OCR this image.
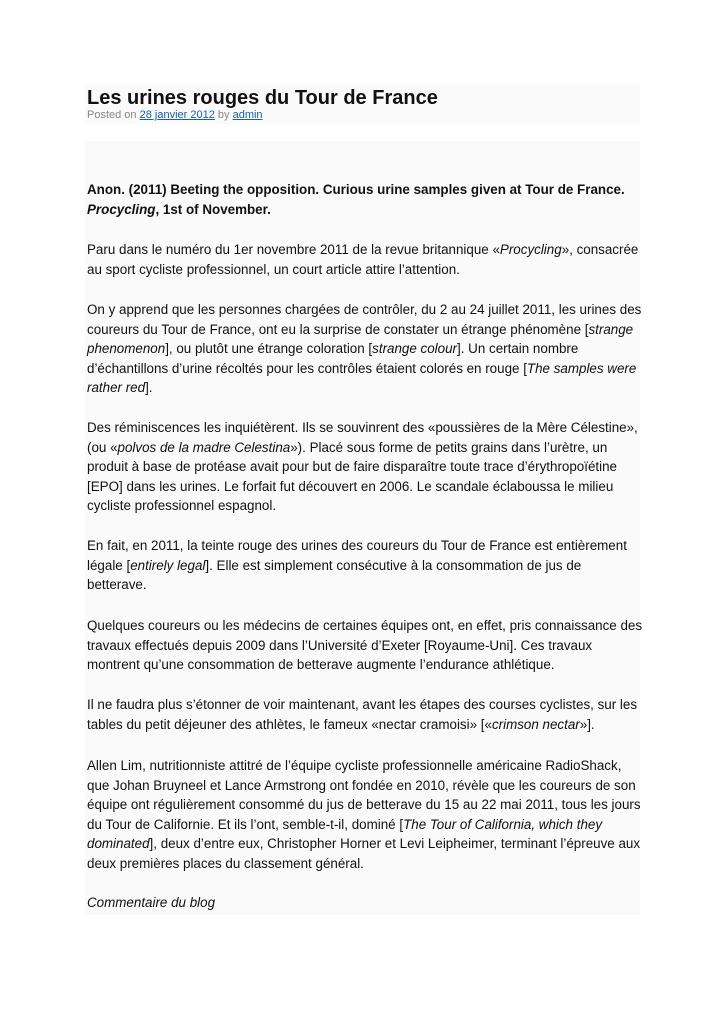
Les urines rouges du Tour de France
Posted on 28 janvier 2012 by admin

Anon. (2011) Beeting the opposition. Curious urine samples given at Tour de France. Procycling, 1st of November.

Paru dans le numéro du 1er novembre 2011 de la revue britannique «Procycling», consacrée au sport cycliste professionnel, un court article attire l’attention.

On y apprend que les personnes chargées de contrôler, du 2 au 24 juillet 2011, les urines des coureurs du Tour de France, ont eu la surprise de constater un étrange phénomène [strange phenomenon], ou plutôt une étrange coloration [strange colour]. Un certain nombre d’échantillons d’urine récoltés pour les contrôles étaient colorés en rouge [The samples were rather red].

Des réminiscences les inquiétèrent. Ils se souvinrent des «poussières de la Mère Célestine», (ou «polvos de la madre Celestina»). Placé sous forme de petits grains dans l’urètre, un produit à base de protéase avait pour but de faire disparaître toute trace d’érythropoïétine [EPO] dans les urines. Le forfait fut découvert en 2006. Le scandale éclaboussa le milieu cycliste professionnel espagnol.

En fait, en 2011, la teinte rouge des urines des coureurs du Tour de France est entièrement légale [entirely legal]. Elle est simplement consécutive à la consommation de jus de betterave.

Quelques coureurs ou les médecins de certaines équipes ont, en effet, pris connaissance des travaux effectués depuis 2009 dans l’Université d’Exeter [Royaume-Uni]. Ces travaux montrent qu’une consommation de betterave augmente l’endurance athlétique.

Il ne faudra plus s’étonner de voir maintenant, avant les étapes des courses cyclistes, sur les tables du petit déjeuner des athlètes, le fameux «nectar cramoisi» [«crimson nectar»].

Allen Lim, nutritionniste attitré de l’équipe cycliste professionnelle américaine RadioShack, que Johan Bruyneel et Lance Armstrong ont fondée en 2010, révèle que les coureurs de son équipe ont régulièrement consommé du jus de betterave du 15 au 22 mai 2011, tous les jours du Tour de Californie. Et ils l’ont, semble-t-il, dominé [The Tour of California, which they dominated], deux d’entre eux, Christopher Horner et Levi Leipheimer, terminant l’épreuve aux deux premières places du classement général.

Commentaire du blog
